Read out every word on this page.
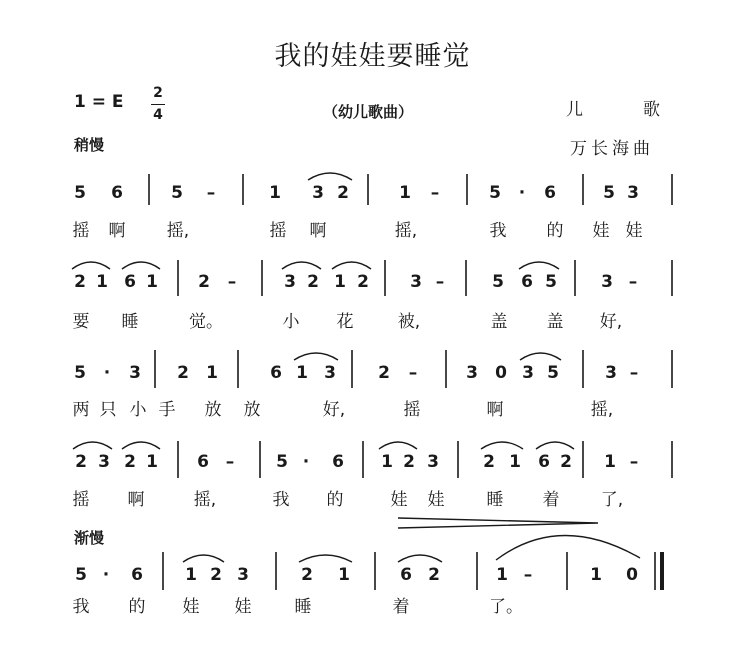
我的娃娃要睡觉
1 = E 2
4	（幼儿歌曲）	儿歌
万长海曲
稍慢
渐慢
5 6	5 –	1 3 2	1 –	5 · 6	5 3
摇 啊 摇,	摇 啊	摇,	我 的 娃 娃
2 1 6 1 2 –	3 2 1 2 3 –	5 6 5	3 –
要 睡	觉。	小 花	被,	盖 盖 好,
5 · 3 2 1	6 1 3 2 –	3 0 3 5	3 –
两 只 小 手 放 放	好,	摇	啊	摇,
2 3 2 1 6 – 5 · 6 1 2 3	2 1 6 2 1 –
摇 啊	摇,	我 的	娃 娃 睡 着 了,
5 · 6 1 2 3	2 1	6 2	1 –	1 0
我 的 娃 娃	睡	着	了。
